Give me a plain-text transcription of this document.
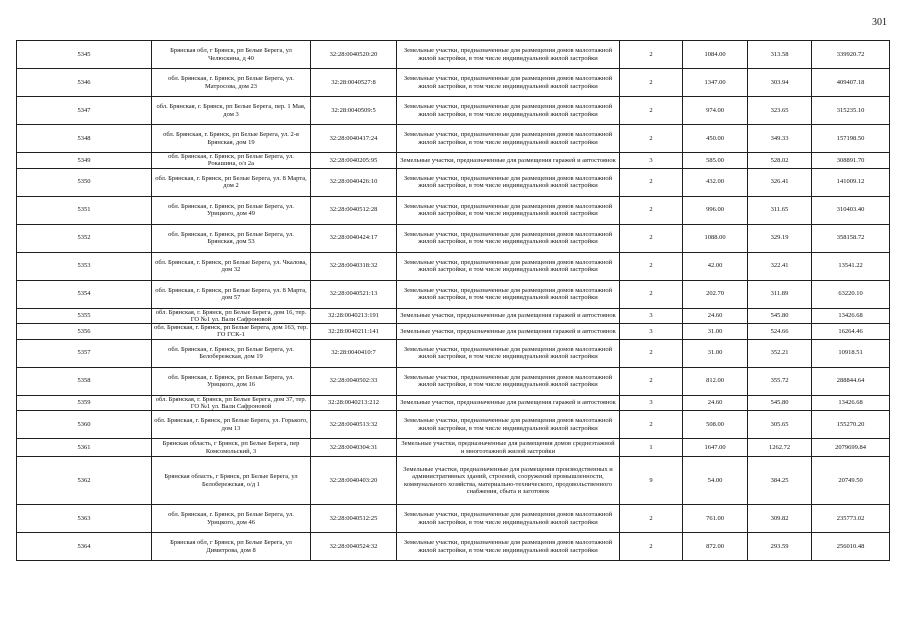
301
5345	Брянская обл, г Брянск, рп Белые Берега, ул Челюскина, д 40	32:28:0040520:20	Земельные участки, предназначенные для размещения домов малоэтажной жилой застройки, в том числе индивидуальной жилой застройки	2	1084.00	313.58	339920.72
5346	обл. Брянская, г. Брянск, рп Белые Берега, ул. Матросова, дом 23	32:28:0040527:8	Земельные участки, предназначенные для размещения домов малоэтажной жилой застройки, в том числе индивидуальной жилой застройки	2	1347.00	303.94	409407.18
5347	обл. Брянская, г. Брянск, рп Белые Берега, пер. 1 Мая, дом 3	32:28:0040509:5	Земельные участки, предназначенные для размещения домов малоэтажной жилой застройки, в том числе индивидуальной жилой застройки	2	974.00	323.65	315235.10
5348	обл. Брянская, г. Брянск, рп Белые Берега, ул. 2-я Брянская, дом 19	32:28:0040417:24	Земельные участки, предназначенные для размещения домов малоэтажной жилой застройки, в том числе индивидуальной жилой застройки	2	450.00	349.33	157198.50
5349	обл. Брянская, г. Брянск, рп Белые Берега, ул. Рокашина, о/з 2а	32:28:0040205:95	Земельные участки, предназначенные для размещения гаражей и автостоянок	3	585.00	528.02	308891.70
5350	обл. Брянская, г. Брянск, рп Белые Берега, ул. 8 Марта, дом 2	32:28:0040426:10	Земельные участки, предназначенные для размещения домов малоэтажной жилой застройки, в том числе индивидуальной жилой застройки	2	432.00	326.41	141009.12
5351	обл. Брянская, г. Брянск, рп Белые Берега, ул. Урицкого, дом 49	32:28:0040512:28	Земельные участки, предназначенные для размещения домов малоэтажной жилой застройки, в том числе индивидуальной жилой застройки	2	996.00	311.65	310403.40
5352	обл. Брянская, г. Брянск, рп Белые Берега, ул. Брянская, дом 53	32:28:0040424:17	Земельные участки, предназначенные для размещения домов малоэтажной жилой застройки, в том числе индивидуальной жилой застройки	2	1088.00	329.19	358158.72
5353	обл. Брянская, г. Брянск, рп Белые Берега, ул. Чкалова, дом 32	32:28:0040318:32	Земельные участки, предназначенные для размещения домов малоэтажной жилой застройки, в том числе индивидуальной жилой застройки	2	42.00	322.41	13541.22
5354	обл. Брянская, г. Брянск, рп Белые Берега, ул. 8 Марта, дом 57	32:28:0040521:13	Земельные участки, предназначенные для размещения домов малоэтажной жилой застройки, в том числе индивидуальной жилой застройки	2	202.70	311.89	63220.10
5355	обл. Брянская, г. Брянск, рп Белые Берега, дом 16, тер. ГО №1 ул. Вали Сафроновой	32:28:0040213:191	Земельные участки, предназначенные для размещения гаражей и автостоянок	3	24.60	545.80	13426.68
5356	обл. Брянская, г. Брянск, рп Белые Берега, дом 163, тер. ГО ГСК-1	32:28:0040211:141	Земельные участки, предназначенные для размещения гаражей и автостоянок	3	31.00	524.66	16264.46
5357	обл. Брянская, г. Брянск, рп Белые Берега, ул. Белобережская, дом 19	32:28:0040410:7	Земельные участки, предназначенные для размещения домов малоэтажной жилой застройки, в том числе индивидуальной жилой застройки	2	31.00	352.21	10918.51
5358	обл. Брянская, г. Брянск, рп Белые Берега, ул. Урицкого, дом 16	32:28:0040502:33	Земельные участки, предназначенные для размещения домов малоэтажной жилой застройки, в том числе индивидуальной жилой застройки	2	812.00	355.72	288844.64
5359	обл. Брянская, г. Брянск, рп Белые Берега, дом 37, тер. ГО №1 ул. Вали Сафроновой	32:28:0040213:212	Земельные участки, предназначенные для размещения гаражей и автостоянок	3	24.60	545.80	13426.68
5360	обл. Брянская, г. Брянск, рп Белые Берега, ул. Горького, дом 13	32:28:0040513:32	Земельные участки, предназначенные для размещения домов малоэтажной жилой застройки, в том числе индивидуальной жилой застройки	2	508.00	305.65	155270.20
5361	Брянская область, г Брянск, рп Белые Берега, пер Комсомольский, 3	32:28:0040304:31	Земельные участки, предназначенные для размещения домов среднеэтажной и многоэтажной жилой застройки	1	1647.00	1262.72	2079699.84
5362	Брянская область, г Брянск, рп Белые Берега, ул Белобережская, о/д 1	32:28:0040403:20	Земельные участки, предназначенные для размещения производственных и административных зданий, строений, сооружений промышленности, коммунального хозяйства, материально-технического, продовольственного снабжения, сбыта и заготовок	9	54.00	384.25	20749.50
5363	обл. Брянская, г. Брянск, рп Белые Берега, ул. Урицкого, дом 46	32:28:0040512:25	Земельные участки, предназначенные для размещения домов малоэтажной жилой застройки, в том числе индивидуальной жилой застройки	2	761.00	309.82	235773.02
5364	Брянская обл, г Брянск, рп Белые Берега, ул Димитрова, дом 8	32:28:0040524:32	Земельные участки, предназначенные для размещения домов малоэтажной жилой застройки, в том числе индивидуальной жилой застройки	2	872.00	293.59	256010.48
